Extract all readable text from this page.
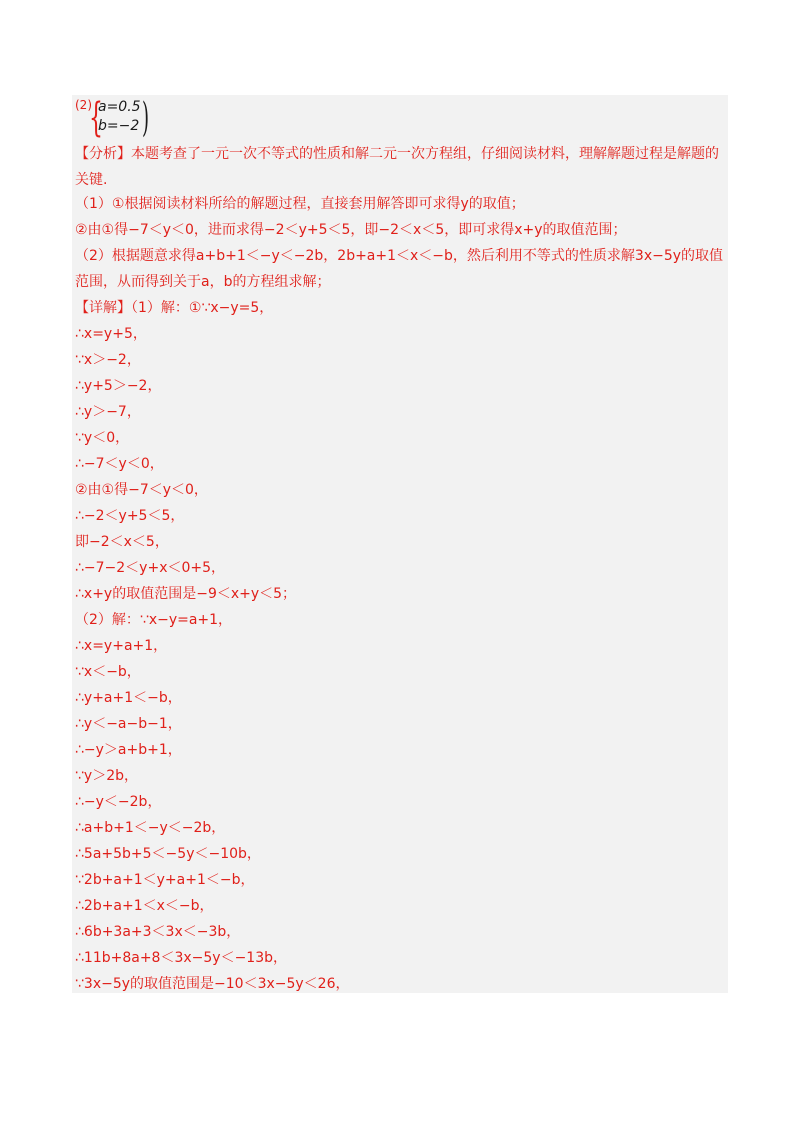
(2)
{
a=0.5
b=−2 )
【分析】本题考查了一元一次不等式的性质和解二元一次方程组，仔细阅读材料，理解解题过程是解题的
关键.
（1）①根据阅读材料所给的解题过程，直接套用解答即可求得y的取值；
②由①得−7＜y＜0，进而求得−2＜y+5＜5，即−2＜x＜5，即可求得x+y的取值范围；
（2）根据题意求得a+b+1＜−y＜−2b，2b+a+1＜x＜−b，然后利用不等式的性质求解3x−5y的取值
范围，从而得到关于a，b的方程组求解；
【详解】（1）解：①∵x−y=5，
∴x=y+5，
∵x＞−2，
∴y+5＞−2，
∴y＞−7，
∵y＜0，
∴−7＜y＜0，
②由①得−7＜y＜0，
∴−2＜y+5＜5，
即−2＜x＜5，
∴−7−2＜y+x＜0+5，
∴x+y的取值范围是−9＜x+y＜5；
（2）解：∵x−y=a+1，
∴x=y+a+1，
∵x＜−b，
∴y+a+1＜−b，
∴y＜−a−b−1，
∴−y＞a+b+1，
∵y＞2b，
∴−y＜−2b，
∴a+b+1＜−y＜−2b，
∴5a+5b+5＜−5y＜−10b，
∵2b+a+1＜y+a+1＜−b，
∴2b+a+1＜x＜−b，
∴6b+3a+3＜3x＜−3b，
∴11b+8a+8＜3x−5y＜−13b，
∵3x−5y的取值范围是−10＜3x−5y＜26，
